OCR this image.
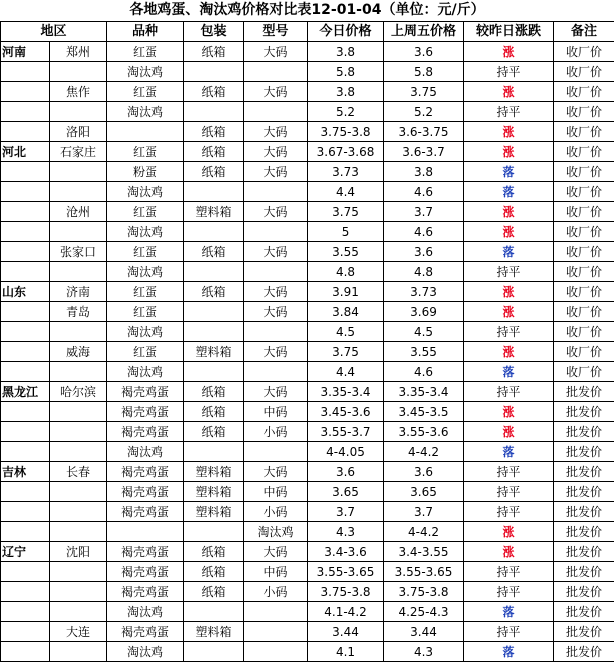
各地鸡蛋、淘汰鸡价格对比表12-01-04（单位：元/斤）
地区		品种	包装	型号	今日价格	上周五价格	较昨日涨跌	备注
河南	郑州	红蛋	纸箱	大码	3.8	3.6	涨	收厂价
		淘汰鸡			5.8	5.8	持平	收厂价
	焦作	红蛋	纸箱	大码	3.8	3.75	涨	收厂价
		淘汰鸡			5.2	5.2	持平	收厂价
	洛阳		纸箱	大码	3.75-3.8	3.6-3.75	涨	收厂价
河北	石家庄	红蛋	纸箱	大码	3.67-3.68	3.6-3.7	涨	收厂价
		粉蛋	纸箱	大码	3.73	3.8	落	收厂价
		淘汰鸡			4.4	4.6	落	收厂价
	沧州	红蛋	塑料箱	大码	3.75	3.7	涨	收厂价
		淘汰鸡			5	4.6	涨	收厂价
	张家口	红蛋	纸箱	大码	3.55	3.6	落	收厂价
		淘汰鸡			4.8	4.8	持平	收厂价
山东	济南	红蛋	纸箱	大码	3.91	3.73	涨	收厂价
	青岛	红蛋		大码	3.84	3.69	涨	收厂价
		淘汰鸡			4.5	4.5	持平	收厂价
	威海	红蛋	塑料箱	大码	3.75	3.55	涨	收厂价
		淘汰鸡			4.4	4.6	落	收厂价
黑龙江	哈尔滨	褐壳鸡蛋	纸箱	大码	3.35-3.4	3.35-3.4	持平	批发价
		褐壳鸡蛋	纸箱	中码	3.45-3.6	3.45-3.5	涨	批发价
		褐壳鸡蛋	纸箱	小码	3.55-3.7	3.55-3.6	涨	批发价
		淘汰鸡			4-4.05	4-4.2	落	批发价
吉林	长春	褐壳鸡蛋	塑料箱	大码	3.6	3.6	持平	批发价
		褐壳鸡蛋	塑料箱	中码	3.65	3.65	持平	批发价
		褐壳鸡蛋	塑料箱	小码	3.7	3.7	持平	批发价
				淘汰鸡	4.3	4-4.2	涨	批发价
辽宁	沈阳	褐壳鸡蛋	纸箱	大码	3.4-3.6	3.4-3.55	涨	批发价
		褐壳鸡蛋	纸箱	中码	3.55-3.65	3.55-3.65	持平	批发价
		褐壳鸡蛋	纸箱	小码	3.75-3.8	3.75-3.8	持平	批发价
		淘汰鸡			4.1-4.2	4.25-4.3	落	批发价
	大连	褐壳鸡蛋	塑料箱		3.44	3.44	持平	批发价
		淘汰鸡			4.1	4.3	落	批发价
